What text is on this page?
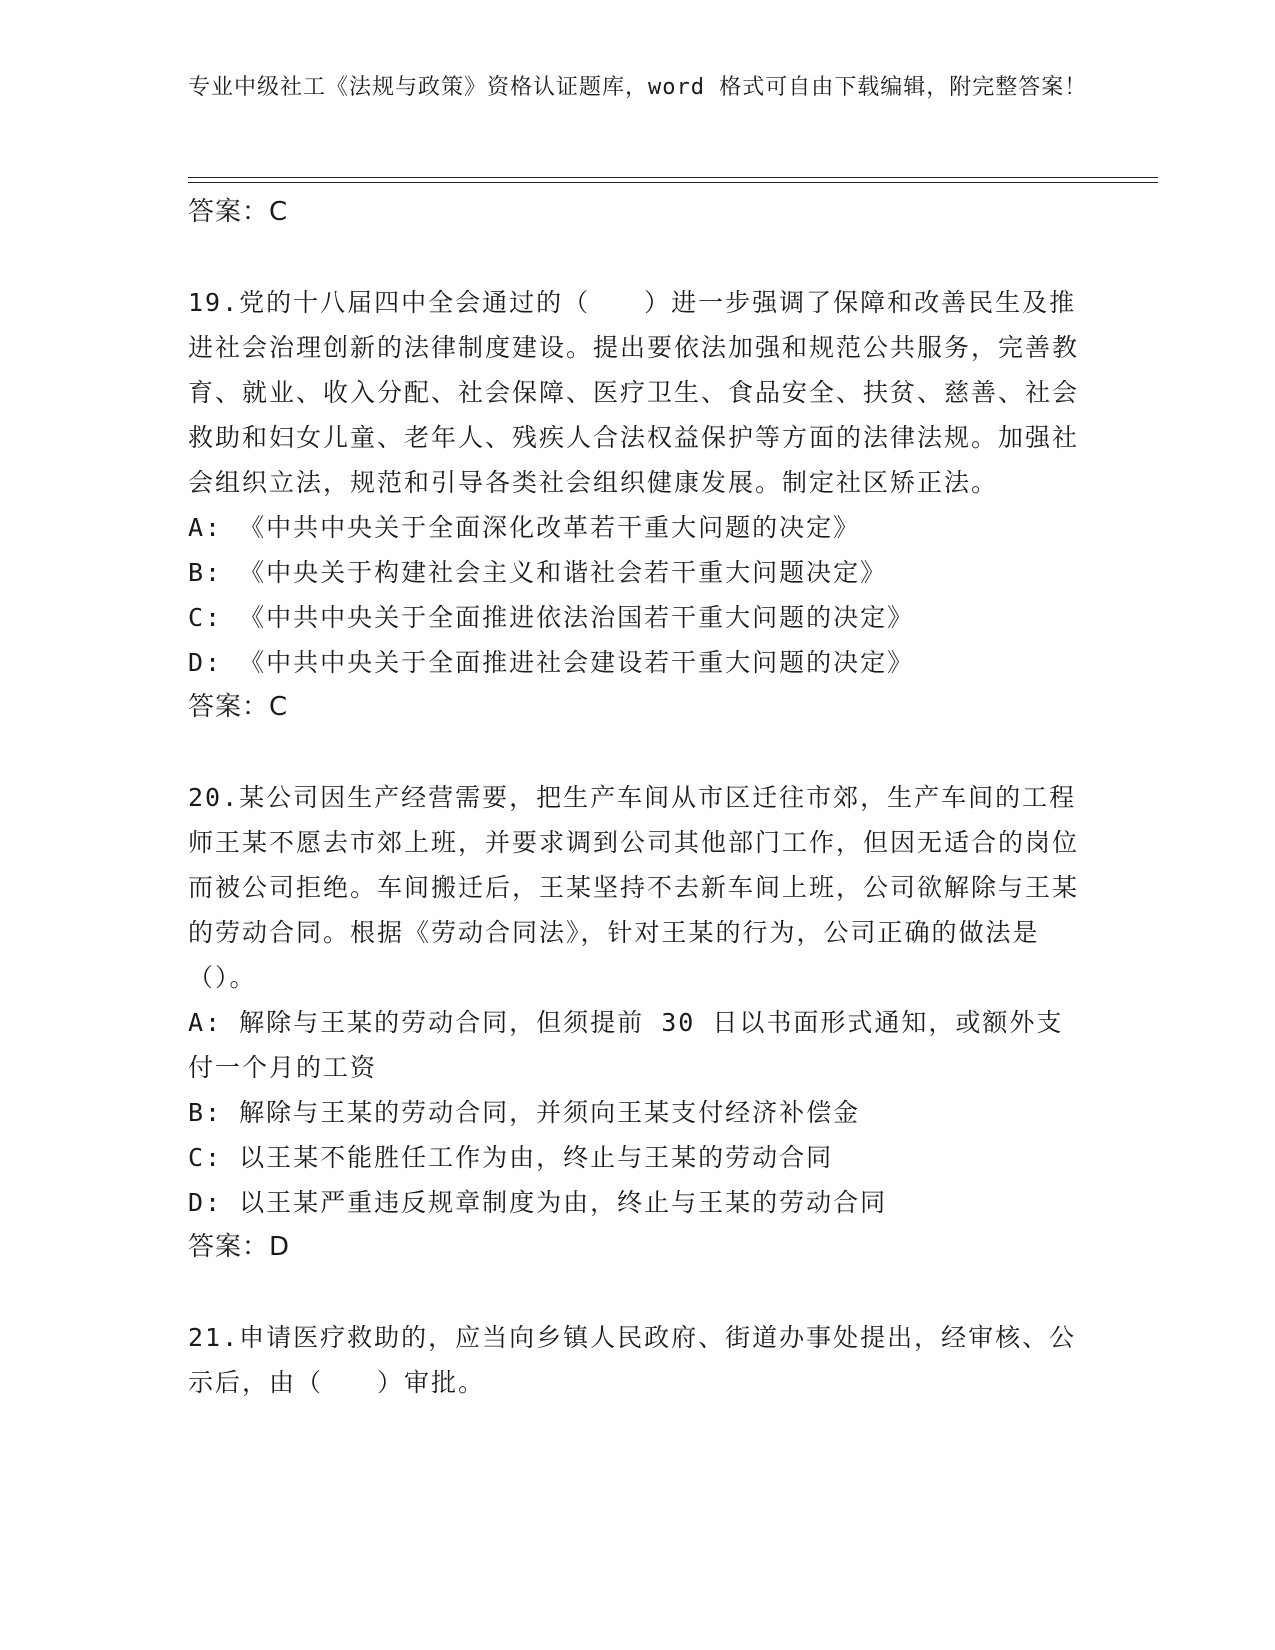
专业中级社工《法规与政策》资格认证题库，word 格式可自由下载编辑，附完整答案！

答案：C

19.党的十八届四中全会通过的（　　）进一步强调了保障和改善民生及推进社会治理创新的法律制度建设。提出要依法加强和规范公共服务，完善教育、就业、收入分配、社会保障、医疗卫生、食品安全、扶贫、慈善、社会救助和妇女儿童、老年人、残疾人合法权益保护等方面的法律法规。加强社会组织立法，规范和引导各类社会组织健康发展。制定社区矫正法。

A: 《中共中央关于全面深化改革若干重大问题的决定》

B: 《中央关于构建社会主义和谐社会若干重大问题决定》

C: 《中共中央关于全面推进依法治国若干重大问题的决定》

D: 《中共中央关于全面推进社会建设若干重大问题的决定》

答案：C

20.某公司因生产经营需要，把生产车间从市区迁往市郊，生产车间的工程师王某不愿去市郊上班，并要求调到公司其他部门工作，但因无适合的岗位而被公司拒绝。车间搬迁后，王某坚持不去新车间上班，公司欲解除与王某的劳动合同。根据《劳动合同法》，针对王某的行为，公司正确的做法是（）。

A: 解除与王某的劳动合同，但须提前 30 日以书面形式通知，或额外支付一个月的工资

B: 解除与王某的劳动合同，并须向王某支付经济补偿金

C: 以王某不能胜任工作为由，终止与王某的劳动合同

D: 以王某严重违反规章制度为由，终止与王某的劳动合同

答案：D

21.申请医疗救助的，应当向乡镇人民政府、街道办事处提出，经审核、公示后，由（　　）审批。
